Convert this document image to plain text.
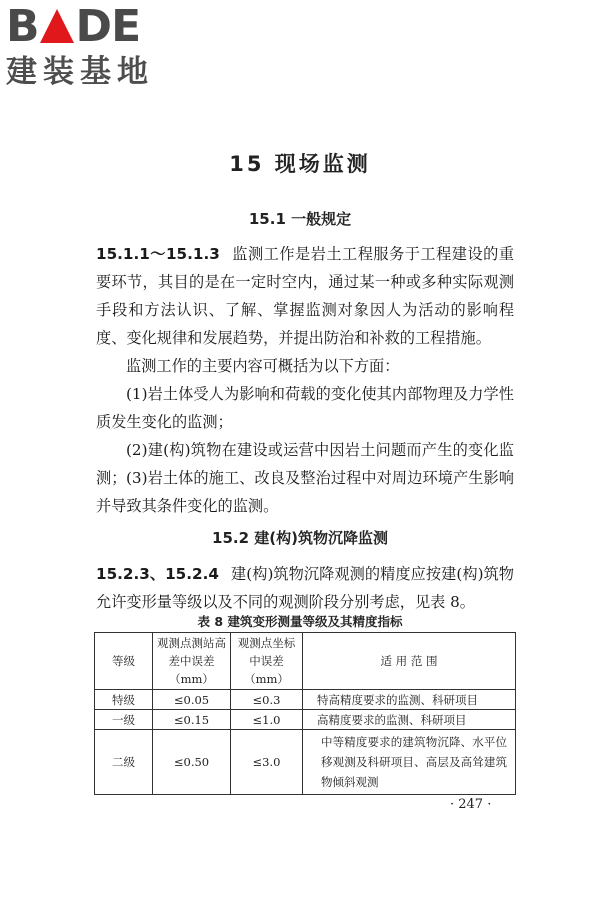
B D E
建装基地
15 现场监测
15.1 一般规定
15.1.1～15.1.3 监测工作是岩土工程服务于工程建设的重要环节，其目的是在一定时空内，通过某一种或多种实际观测手段和方法认识、了解、掌握监测对象因人为活动的影响程度、变化规律和发展趋势，并提出防治和补救的工程措施。
监测工作的主要内容可概括为以下方面：
(1)岩土体受人为影响和荷载的变化使其内部物理及力学性质发生变化的监测；
(2)建(构)筑物在建设或运营中因岩土问题而产生的变化监测； (3)岩土体的施工、改良及整治过程中对周边环境产生影响并导致其条件变化的监测。
15.2 建(构)筑物沉降监测
15.2.3、15.2.4 建(构)筑物沉降观测的精度应按建(构)筑物允许变形量等级以及不同的观测阶段分别考虑，见表 8。
表 8 建筑变形测量等级及其精度指标
等级	观测点测站高差中误差（mm）	观测点坐标中误差（mm）	适 用 范 围
特级	≤0.05	≤0.3	特高精度要求的监测、科研项目
一级	≤0.15	≤1.0	高精度要求的监测、科研项目
二级	≤0.50	≤3.0	中等精度要求的建筑物沉降、水平位移观测及科研项目、高层及高耸建筑物倾斜观测
· 247 ·
